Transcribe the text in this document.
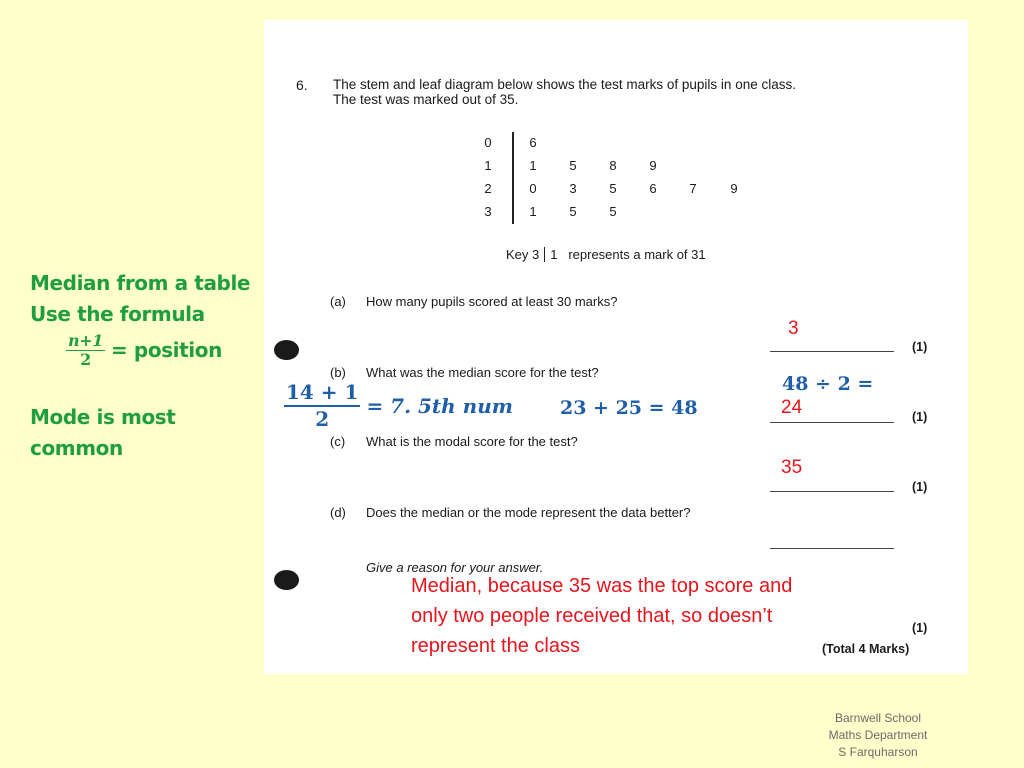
Median from a table
Use the formula
$\frac{n+1}{2}$ = position
Mode is most
common
6. The stem and leaf diagram below shows the test marks of pupils in one class.
The test was marked out of 35.
0	6
1	1	5	8	9
2	0	3	5	6	7	9
3	1	5	5
Key 3 1 represents a mark of 31
(a) How many pupils scored at least 30 marks?
3
(1)
(b) What was the median score for the test?
$\frac{14 + 1}{2} = 7$. 5th num 23 + 25 = 48
48 ÷ 2 =
24	(1)
(c) What is the modal score for the test?
35
(1)
(d) Does the median or the mode represent the data better?
Give a reason for your answer.
Median, because 35 was the top score and only two people received that, so doesn’t represent the class
(1)
(Total 4 Marks)
Barnwell School
Maths Department
S Farquharson
